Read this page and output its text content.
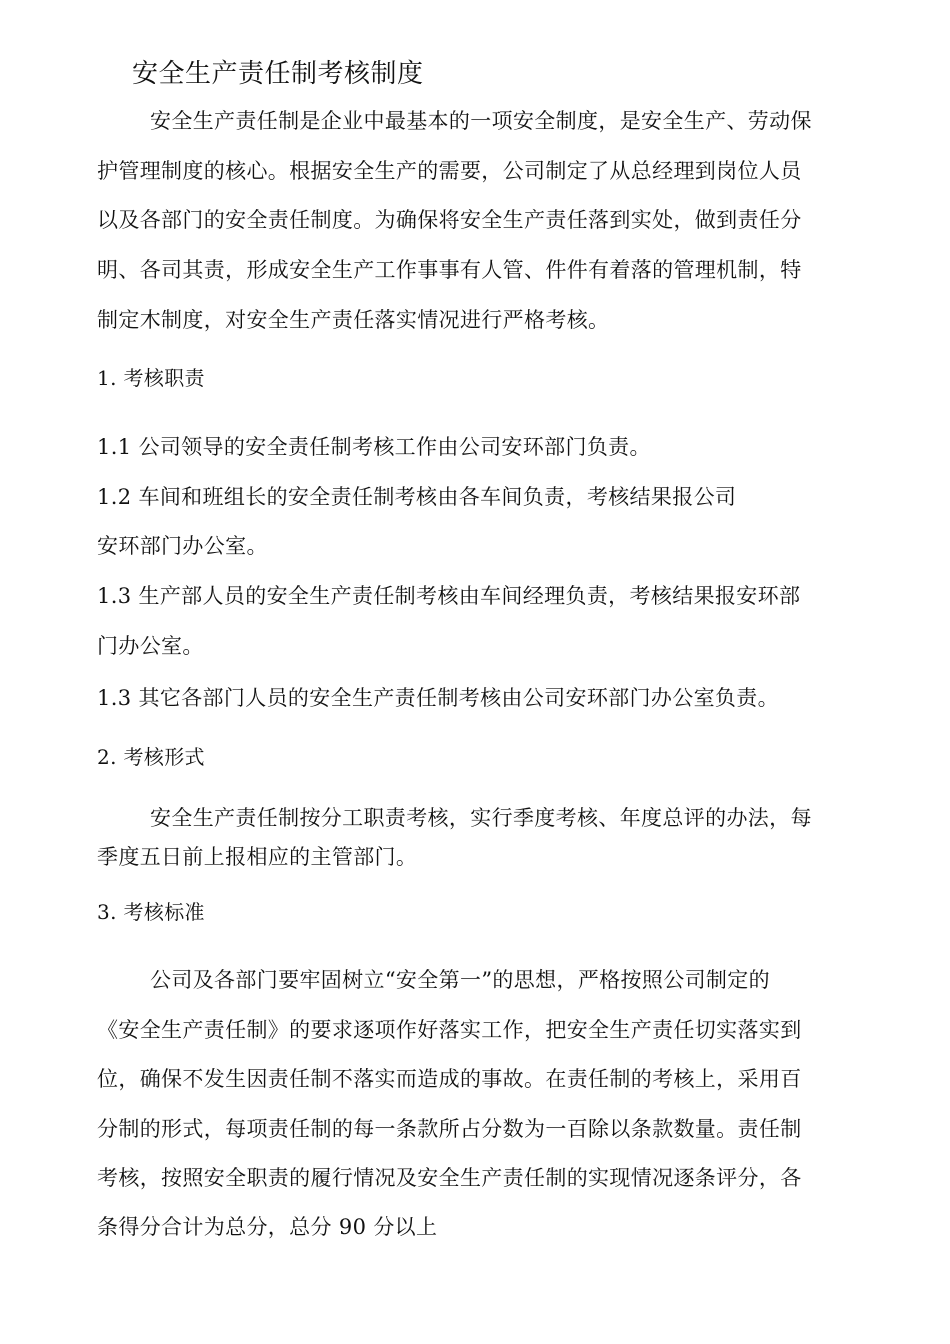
安全生产责任制考核制度
安全生产责任制是企业中最基本的一项安全制度，是安全生产、劳动保
护管理制度的核心。根据安全生产的需要，公司制定了从总经理到岗位人员
以及各部门的安全责任制度。为确保将安全生产责任落到实处，做到责任分
明、各司其责，形成安全生产工作事事有人管、件件有着落的管理机制，特
制定木制度，对安全生产责任落实情况进行严格考核。
1. 考核职责
1.1 公司领导的安全责任制考核工作由公司安环部门负责。
1.2 车间和班组长的安全责任制考核由各车间负责，考核结果报公司
安环部门办公室。
1.3 生产部人员的安全生产责任制考核由车间经理负责，考核结果报安环部
门办公室。
1.3 其它各部门人员的安全生产责任制考核由公司安环部门办公室负责。
2. 考核形式
安全生产责任制按分工职责考核，实行季度考核、年度总评的办法，每
季度五日前上报相应的主管部门。
3. 考核标准
公司及各部门要牢固树立“安全第一”的思想，严格按照公司制定的
《安全生产责任制》的要求逐项作好落实工作，把安全生产责任切实落实到
位，确保不发生因责任制不落实而造成的事故。在责任制的考核上，采用百
分制的形式，每项责任制的每一条款所占分数为一百除以条款数量。责任制
考核，按照安全职责的履行情况及安全生产责任制的实现情况逐条评分，各
条得分合计为总分，总分 90 分以上
